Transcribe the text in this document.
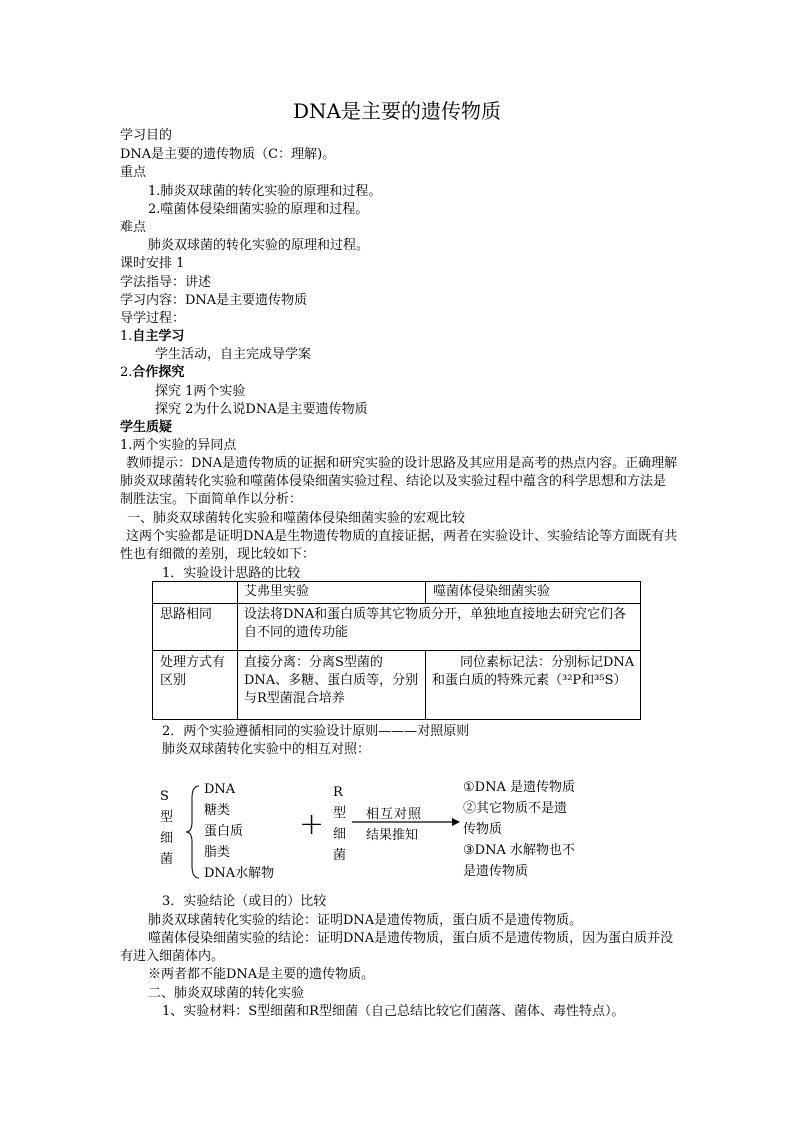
DNA是主要的遗传物质
学习目的
DNA是主要的遗传物质（C：理解)。
重点
1.肺炎双球菌的转化实验的原理和过程。
2.噬菌体侵染细菌实验的原理和过程。
难点
肺炎双球菌的转化实验的原理和过程。
课时安排 1
学法指导：讲述
学习内容：DNA是主要遗传物质
导学过程：
1.自主学习
学生活动，自主完成导学案
2.合作探究
探究 1两个实验
探究 2为什么说DNA是主要遗传物质
学生质疑
1.两个实验的异同点
教师提示：DNA是遗传物质的证据和研究实验的设计思路及其应用是高考的热点内容。正确理解肺炎双球菌转化实验和噬菌体侵染细菌实验过程、结论以及实验过程中蕴含的科学思想和方法是制胜法宝。下面简单作以分析：
一、肺炎双球菌转化实验和噬菌体侵染细菌实验的宏观比较
这两个实验都是证明DNA是生物遗传物质的直接证据，两者在实验设计、实验结论等方面既有共性也有细微的差别，现比较如下：
1．实验设计思路的比较
艾弗里实验	噬菌体侵染细菌实验
思路相同 设法将DNA和蛋白质等其它物质分开，单独地直接地去研究它们各自不同的遗传功能
处理方式有区别
直接分离：分离S型菌的DNA、多糖、蛋白质等，分别与R型菌混合培养
同位素标记法：分别标记DNA和蛋白质的特殊元素（³²P和³⁵S）
2．两个实验遵循相同的实验设计原则———对照原则
肺炎双球菌转化实验中的相互对照：
S
型
细
菌
DNA
糖类
蛋白质
脂类
DNA水解物
+
R
型
细
菌
相互对照
结果推知
①DNA 是遗传物质
②其它物质不是遗
传物质
③DNA 水解物也不
是遗传物质
3．实验结论（或目的）比较
肺炎双球菌转化实验的结论：证明DNA是遗传物质，蛋白质不是遗传物质。
噬菌体侵染细菌实验的结论：证明DNA是遗传物质，蛋白质不是遗传物质，因为蛋白质并没有进入细菌体内。
※两者都不能DNA是主要的遗传物质。
二、肺炎双球菌的转化实验
1、实验材料：S型细菌和R型细菌（自己总结比较它们菌落、菌体、毒性特点）。
